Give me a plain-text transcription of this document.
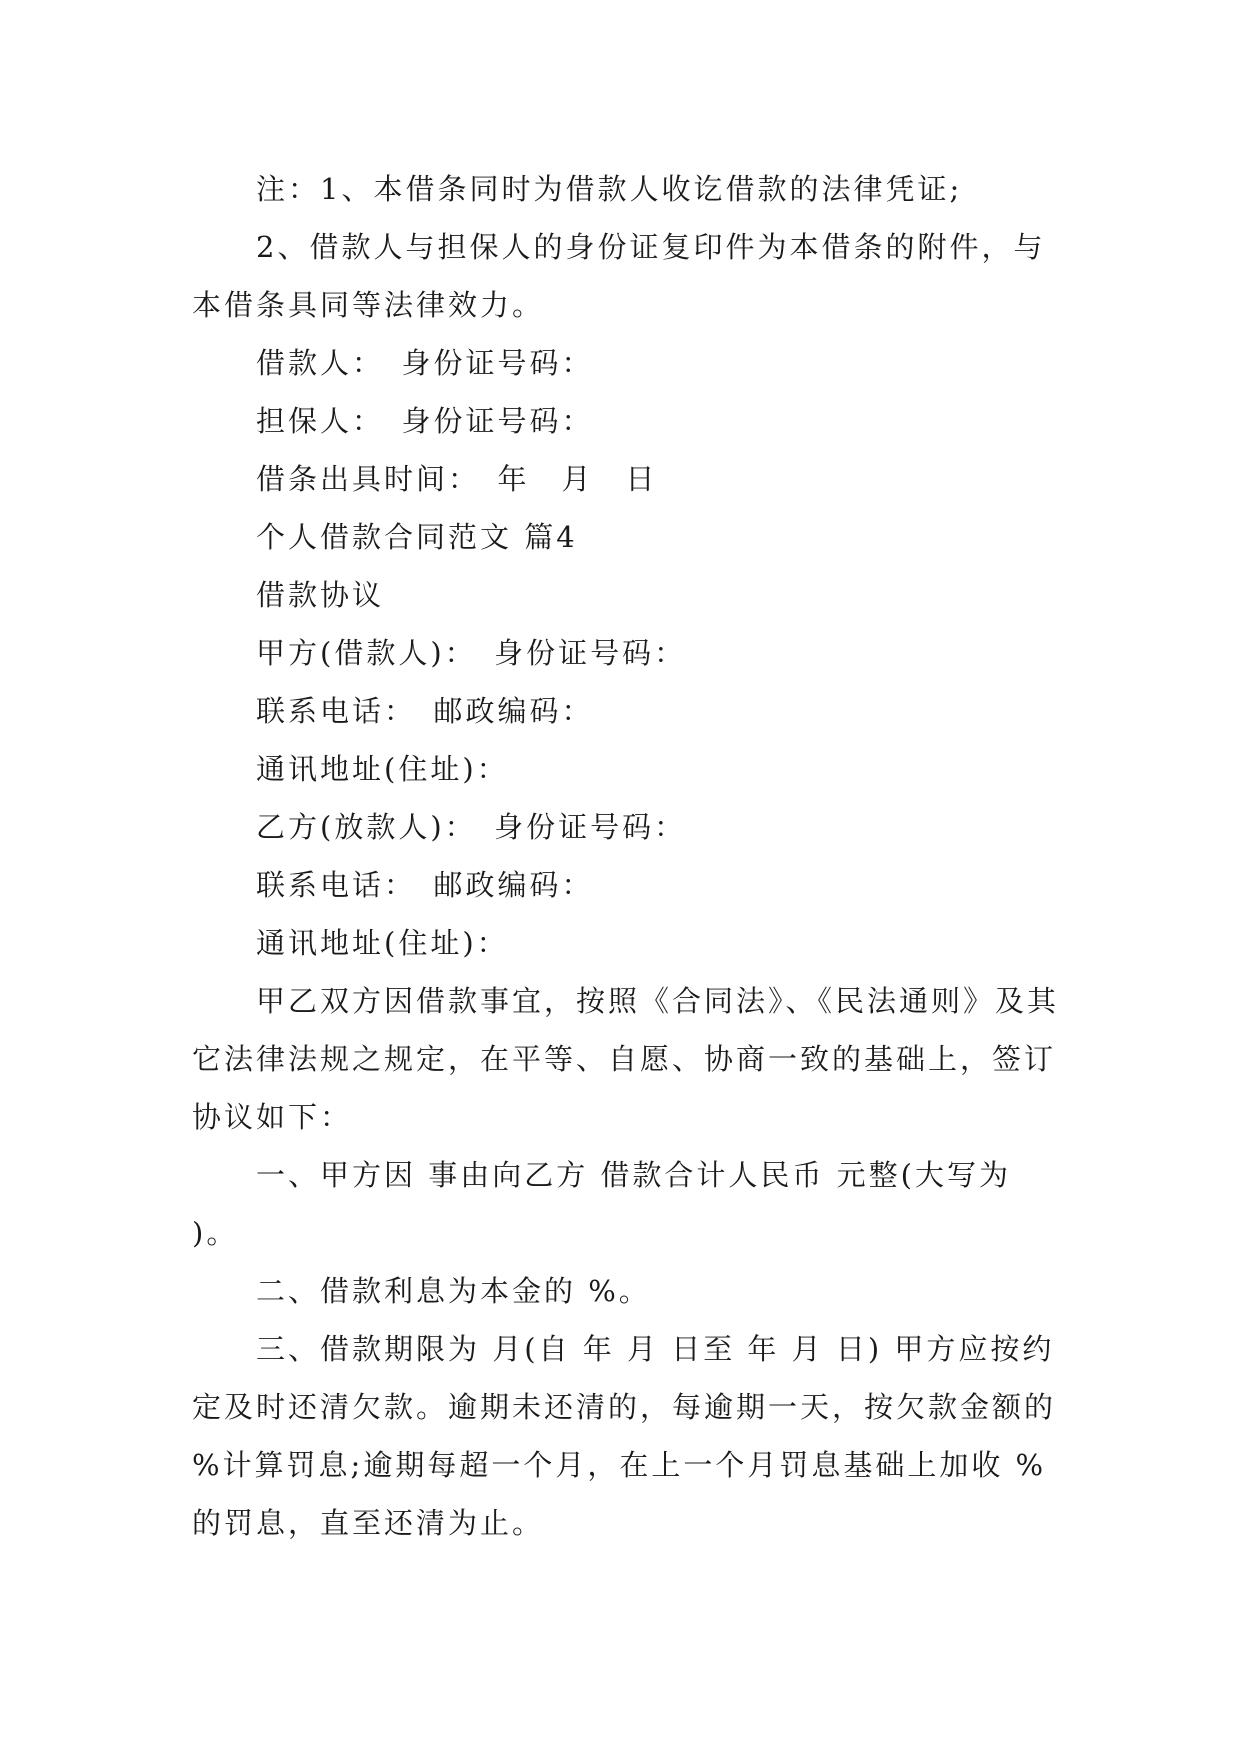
注：1、本借条同时为借款人收讫借款的法律凭证;

2、借款人与担保人的身份证复印件为本借条的附件，与本借条具同等法律效力。

借款人：　身份证号码：

担保人：　身份证号码：

借条出具时间：　年　月　日

个人借款合同范文 篇4

借款协议

甲方(借款人)：　身份证号码：

联系电话：　邮政编码：

通讯地址(住址)：

乙方(放款人)：　身份证号码：

联系电话：　邮政编码：

通讯地址(住址)：

甲乙双方因借款事宜，按照《合同法》、《民法通则》及其它法律法规之规定，在平等、自愿、协商一致的基础上，签订协议如下：

一、甲方因 事由向乙方 借款合计人民币 元整(大写为 )。

二、借款利息为本金的 %。

三、借款期限为 月(自 年 月 日至 年 月 日) 甲方应按约定及时还清欠款。逾期未还清的，每逾期一天，按欠款金额的 %计算罚息;逾期每超一个月，在上一个月罚息基础上加收 %的罚息，直至还清为止。
